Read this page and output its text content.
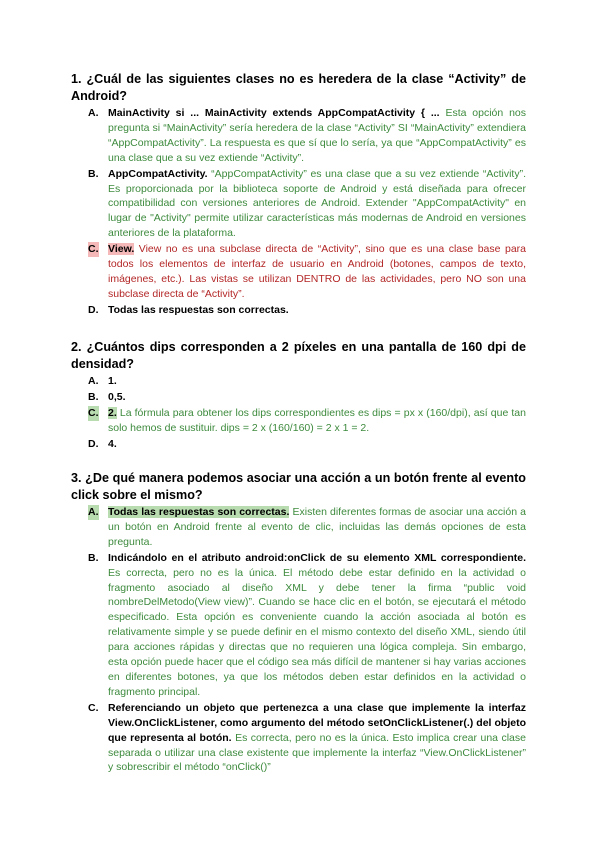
1. ¿Cuál de las siguientes clases no es heredera de la clase “Activity” de Android?

A. MainActivity si ... MainActivity extends AppCompatActivity { ... Esta opción nos pregunta si “MainActivity” sería heredera de la clase “Activity” SI “MainActivity” extendiera “AppCompatActivity”. La respuesta es que sí que lo sería, ya que “AppCompatActivity” es una clase que a su vez extiende “Activity”.
B. AppCompatActivity. “AppCompatActivity” es una clase que a su vez extiende “Activity”. Es proporcionada por la biblioteca soporte de Android y está diseñada para ofrecer compatibilidad con versiones anteriores de Android. Extender "AppCompatActivity" en lugar de "Activity" permite utilizar características más modernas de Android en versiones anteriores de la plataforma.
C. View. View no es una subclase directa de “Activity”, sino que es una clase base para todos los elementos de interfaz de usuario en Android (botones, campos de texto, imágenes, etc.). Las vistas se utilizan DENTRO de las actividades, pero NO son una subclase directa de “Activity”.
D. Todas las respuestas son correctas.

2. ¿Cuántos dips corresponden a 2 píxeles en una pantalla de 160 dpi de densidad?

A. 1.
B. 0,5.
C. 2. La fórmula para obtener los dips correspondientes es dips = px x (160/dpi), así que tan solo hemos de sustituir. dips = 2 x (160/160) = 2 x 1 = 2.
D. 4.

3. ¿De qué manera podemos asociar una acción a un botón frente al evento click sobre el mismo?

A. Todas las respuestas son correctas. Existen diferentes formas de asociar una acción a un botón en Android frente al evento de clic, incluidas las demás opciones de esta pregunta.
B. Indicándolo en el atributo android:onClick de su elemento XML correspondiente. Es correcta, pero no es la única. El método debe estar definido en la actividad o fragmento asociado al diseño XML y debe tener la firma “public void nombreDelMetodo(View view)”. Cuando se hace clic en el botón, se ejecutará el método especificado. Esta opción es conveniente cuando la acción asociada al botón es relativamente simple y se puede definir en el mismo contexto del diseño XML, siendo útil para acciones rápidas y directas que no requieren una lógica compleja. Sin embargo, esta opción puede hacer que el código sea más difícil de mantener si hay varias acciones en diferentes botones, ya que los métodos deben estar definidos en la actividad o fragmento principal.
C. Referenciando un objeto que pertenezca a una clase que implemente la interfaz View.OnClickListener, como argumento del método setOnClickListener(.) del objeto que representa al botón. Es correcta, pero no es la única. Esto implica crear una clase separada o utilizar una clase existente que implemente la interfaz “View.OnClickListener” y sobrescribir el método “onClick()”
